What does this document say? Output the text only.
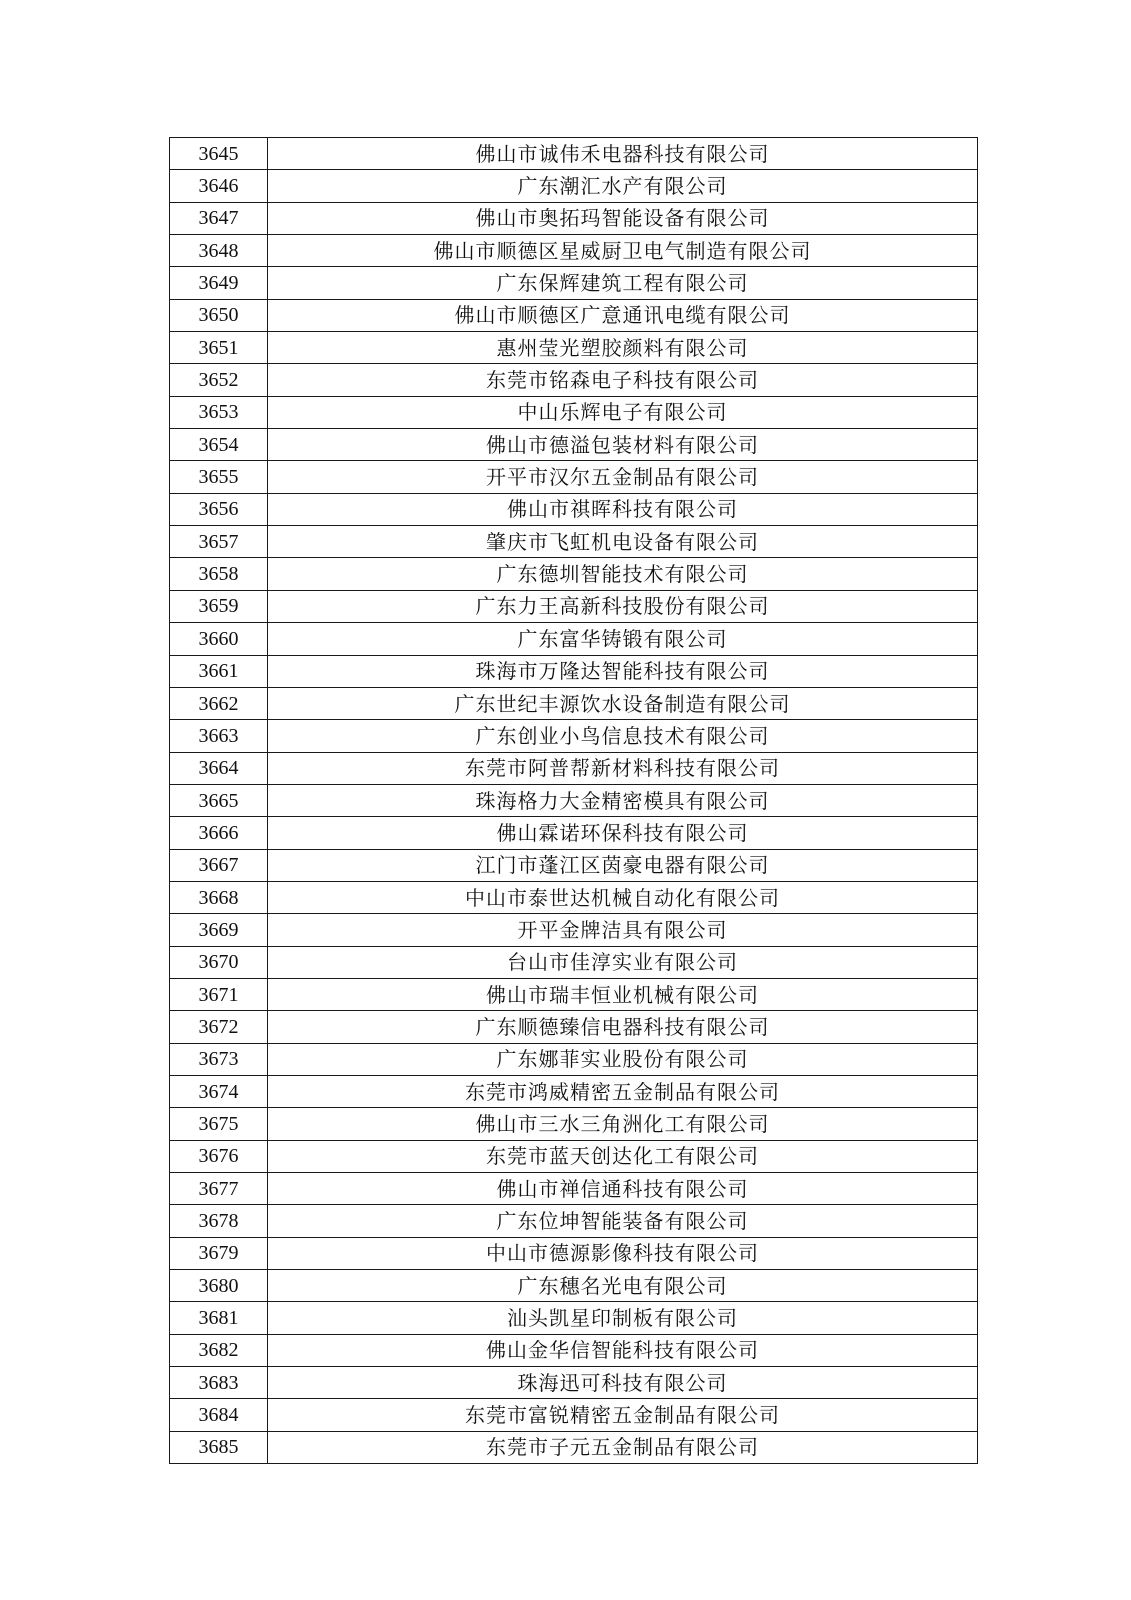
3645	佛山市诚伟禾电器科技有限公司
3646	广东潮汇水产有限公司
3647	佛山市奥拓玛智能设备有限公司
3648	佛山市顺德区星威厨卫电气制造有限公司
3649	广东保辉建筑工程有限公司
3650	佛山市顺德区广意通讯电缆有限公司
3651	惠州莹光塑胶颜料有限公司
3652	东莞市铭森电子科技有限公司
3653	中山乐辉电子有限公司
3654	佛山市德溢包装材料有限公司
3655	开平市汉尔五金制品有限公司
3656	佛山市祺晖科技有限公司
3657	肇庆市飞虹机电设备有限公司
3658	广东德圳智能技术有限公司
3659	广东力王高新科技股份有限公司
3660	广东富华铸锻有限公司
3661	珠海市万隆达智能科技有限公司
3662	广东世纪丰源饮水设备制造有限公司
3663	广东创业小鸟信息技术有限公司
3664	东莞市阿普帮新材料科技有限公司
3665	珠海格力大金精密模具有限公司
3666	佛山霖诺环保科技有限公司
3667	江门市蓬江区茵豪电器有限公司
3668	中山市泰世达机械自动化有限公司
3669	开平金牌洁具有限公司
3670	台山市佳淳实业有限公司
3671	佛山市瑞丰恒业机械有限公司
3672	广东顺德臻信电器科技有限公司
3673	广东娜菲实业股份有限公司
3674	东莞市鸿威精密五金制品有限公司
3675	佛山市三水三角洲化工有限公司
3676	东莞市蓝天创达化工有限公司
3677	佛山市禅信通科技有限公司
3678	广东位坤智能装备有限公司
3679	中山市德源影像科技有限公司
3680	广东穗名光电有限公司
3681	汕头凯星印制板有限公司
3682	佛山金华信智能科技有限公司
3683	珠海迅可科技有限公司
3684	东莞市富锐精密五金制品有限公司
3685	东莞市子元五金制品有限公司
